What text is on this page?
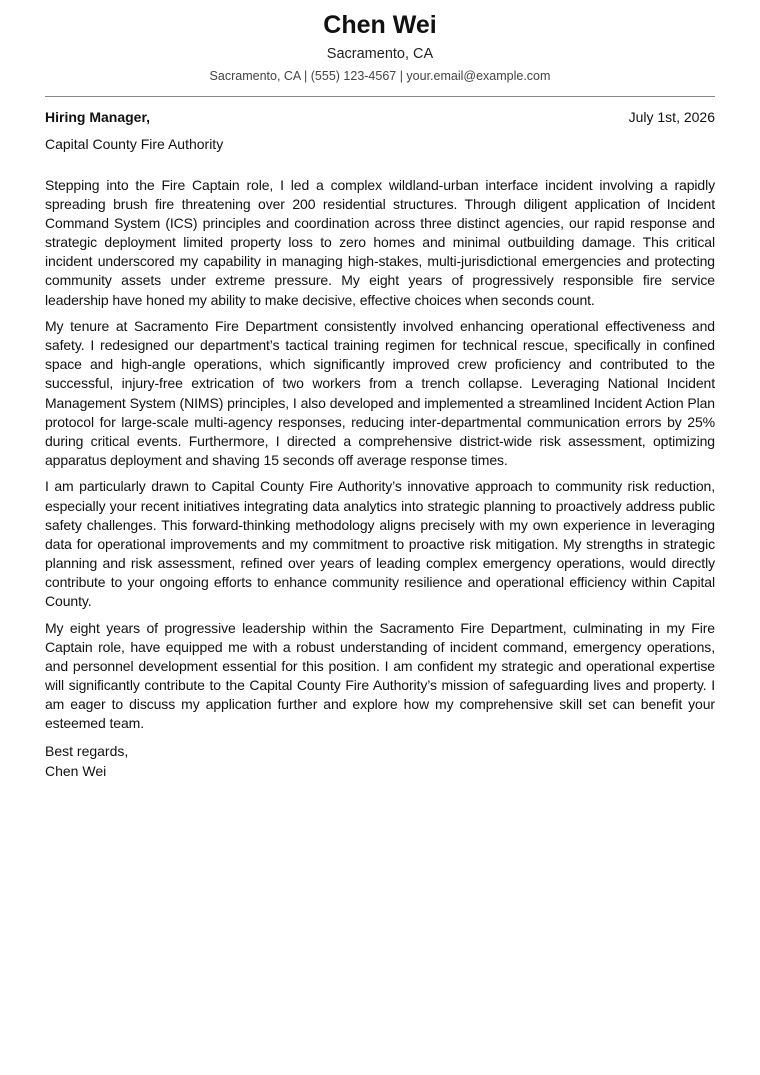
Chen Wei
Sacramento, CA
Sacramento, CA | (555) 123-4567 | your.email@example.com
Hiring Manager,	July 1st, 2026
Capital County Fire Authority

Stepping into the Fire Captain role, I led a complex wildland-urban interface incident involving a rapidly spreading brush fire threatening over 200 residential structures. Through diligent application of Incident Command System (ICS) principles and coordination across three distinct agencies, our rapid response and strategic deployment limited property loss to zero homes and minimal outbuilding damage. This critical incident underscored my capability in managing high-stakes, multi-jurisdictional emergencies and protecting community assets under extreme pressure. My eight years of progressively responsible fire service leadership have honed my ability to make decisive, effective choices when seconds count.

My tenure at Sacramento Fire Department consistently involved enhancing operational effectiveness and safety. I redesigned our department’s tactical training regimen for technical rescue, specifically in confined space and high-angle operations, which significantly improved crew proficiency and contributed to the successful, injury-free extrication of two workers from a trench collapse. Leveraging National Incident Management System (NIMS) principles, I also developed and implemented a streamlined Incident Action Plan protocol for large-scale multi-agency responses, reducing inter-departmental communication errors by 25% during critical events. Furthermore, I directed a comprehensive district-wide risk assessment, optimizing apparatus deployment and shaving 15 seconds off average response times.

I am particularly drawn to Capital County Fire Authority’s innovative approach to community risk reduction, especially your recent initiatives integrating data analytics into strategic planning to proactively address public safety challenges. This forward-thinking methodology aligns precisely with my own experience in leveraging data for operational improvements and my commitment to proactive risk mitigation. My strengths in strategic planning and risk assessment, refined over years of leading complex emergency operations, would directly contribute to your ongoing efforts to enhance community resilience and operational efficiency within Capital County.

My eight years of progressive leadership within the Sacramento Fire Department, culminating in my Fire Captain role, have equipped me with a robust understanding of incident command, emergency operations, and personnel development essential for this position. I am confident my strategic and operational expertise will significantly contribute to the Capital County Fire Authority’s mission of safeguarding lives and property. I am eager to discuss my application further and explore how my comprehensive skill set can benefit your esteemed team.

Best regards,
Chen Wei
